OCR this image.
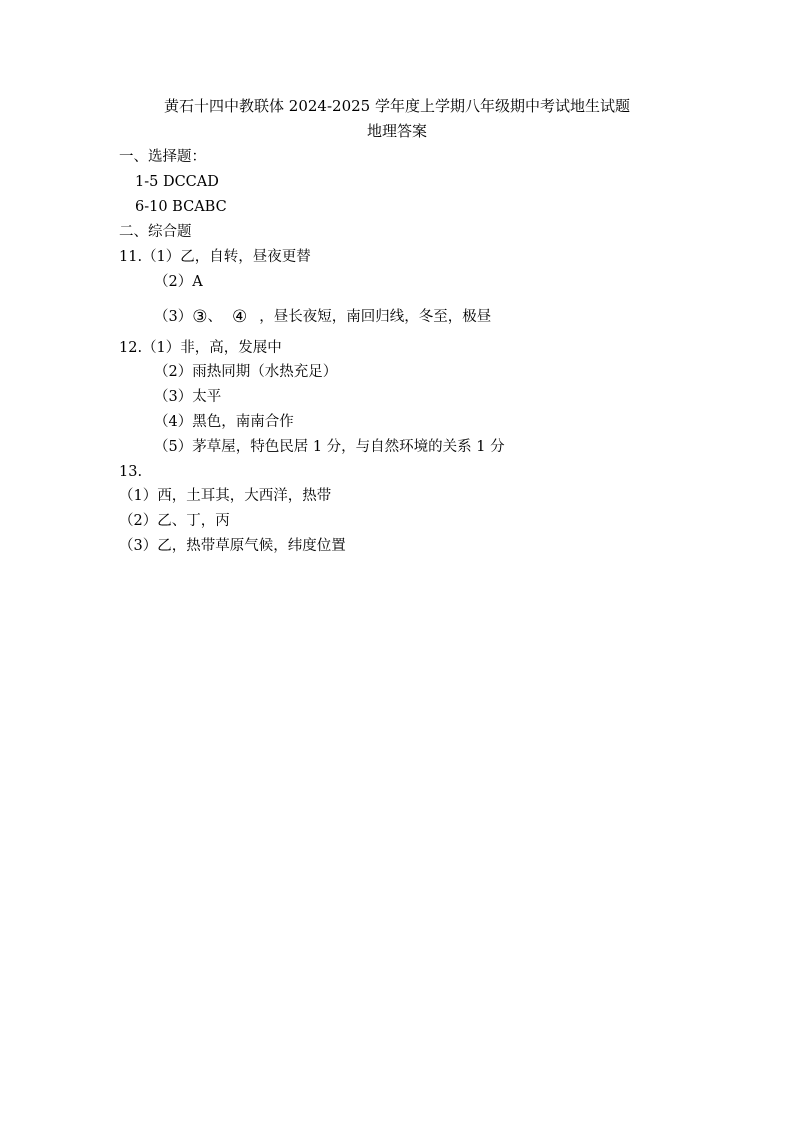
黄石十四中教联体 2024-2025 学年度上学期八年级期中考试地生试题
地理答案
一、选择题：
1-5 DCCAD
6-10 BCABC
二、综合题
11.（1）乙，自转，昼夜更替
（2）A
（3）③、 ④ ，昼长夜短，南回归线，冬至，极昼
12.（1）非，高，发展中
（2）雨热同期（水热充足）
（3）太平
（4）黑色，南南合作
（5）茅草屋，特色民居 1 分，与自然环境的关系 1 分
13.
（1）西，土耳其，大西洋，热带
（2）乙、丁，丙
（3）乙，热带草原气候，纬度位置
